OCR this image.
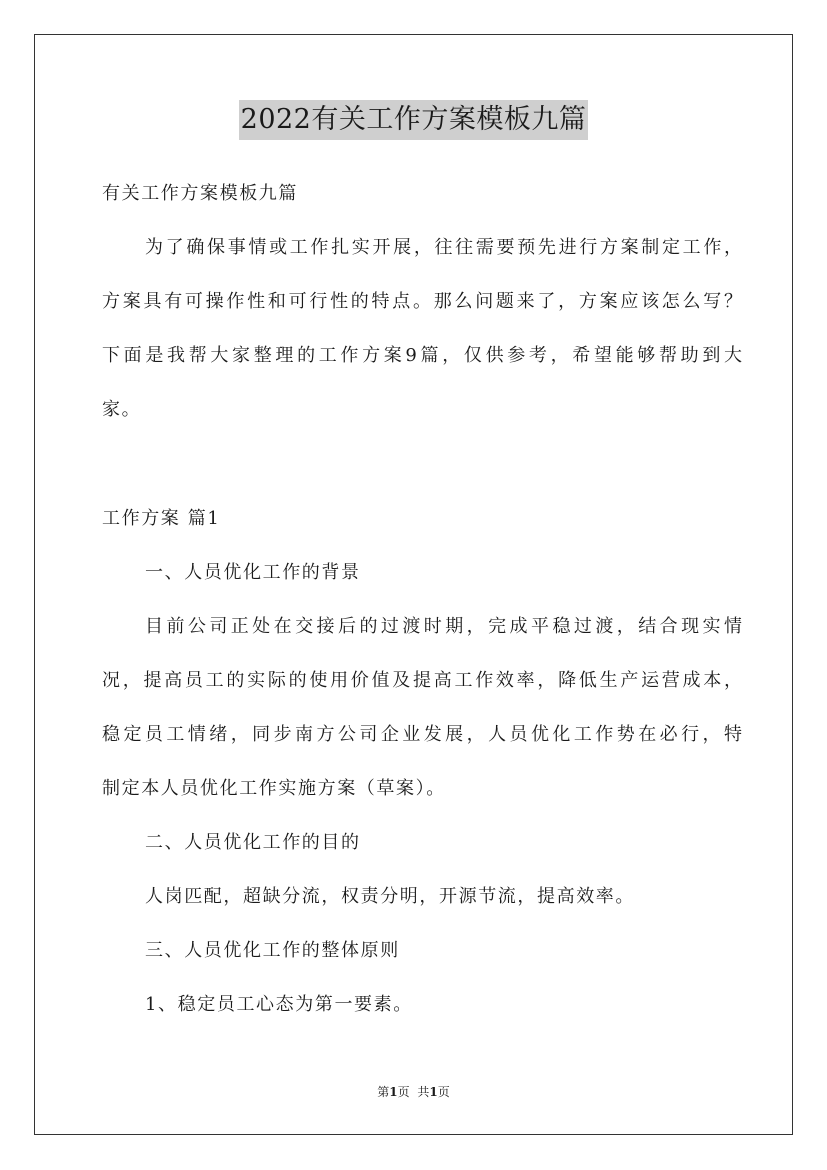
2022有关工作方案模板九篇
有关工作方案模板九篇
为了确保事情或工作扎实开展，往往需要预先进行方案制定工作，
方案具有可操作性和可行性的特点。那么问题来了，方案应该怎么写？
下面是我帮大家整理的工作方案9篇，仅供参考，希望能够帮助到大
家。
工作方案 篇1
一、人员优化工作的背景
目前公司正处在交接后的过渡时期，完成平稳过渡，结合现实情
况，提高员工的实际的使用价值及提高工作效率，降低生产运营成本，
稳定员工情绪，同步南方公司企业发展，人员优化工作势在必行，特
制定本人员优化工作实施方案（草案）。
二、人员优化工作的目的
人岗匹配，超缺分流，权责分明，开源节流，提高效率。
三、人员优化工作的整体原则
1、稳定员工心态为第一要素。
第1页 共1页
